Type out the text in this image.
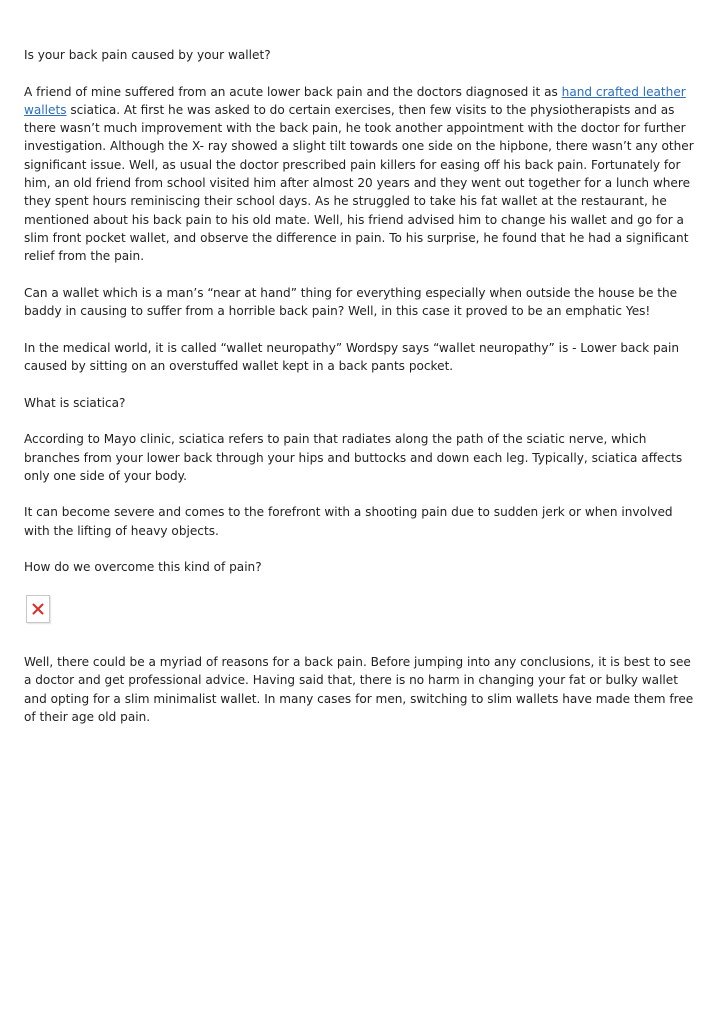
Is your back pain caused by your wallet?

A friend of mine suffered from an acute lower back pain and the doctors diagnosed it as hand crafted leather wallets sciatica. At first he was asked to do certain exercises, then few visits to the physiotherapists and as there wasn’t much improvement with the back pain, he took another appointment with the doctor for further investigation. Although the X- ray showed a slight tilt towards one side on the hipbone, there wasn’t any other significant issue. Well, as usual the doctor prescribed pain killers for easing off his back pain. Fortunately for him, an old friend from school visited him after almost 20 years and they went out together for a lunch where they spent hours reminiscing their school days. As he struggled to take his fat wallet at the restaurant, he mentioned about his back pain to his old mate. Well, his friend advised him to change his wallet and go for a slim front pocket wallet, and observe the difference in pain. To his surprise, he found that he had a significant relief from the pain.

Can a wallet which is a man’s “near at hand” thing for everything especially when outside the house be the baddy in causing to suffer from a horrible back pain? Well, in this case it proved to be an emphatic Yes!

In the medical world, it is called “wallet neuropathy” Wordspy says “wallet neuropathy” is - Lower back pain caused by sitting on an overstuffed wallet kept in a back pants pocket.

What is sciatica?

According to Mayo clinic, sciatica refers to pain that radiates along the path of the sciatic nerve, which branches from your lower back through your hips and buttocks and down each leg. Typically, sciatica affects only one side of your body.

It can become severe and comes to the forefront with a shooting pain due to sudden jerk or when involved with the lifting of heavy objects.

How do we overcome this kind of pain?

Well, there could be a myriad of reasons for a back pain. Before jumping into any conclusions, it is best to see a doctor and get professional advice. Having said that, there is no harm in changing your fat or bulky wallet and opting for a slim minimalist wallet. In many cases for men, switching to slim wallets have made them free of their age old pain.
